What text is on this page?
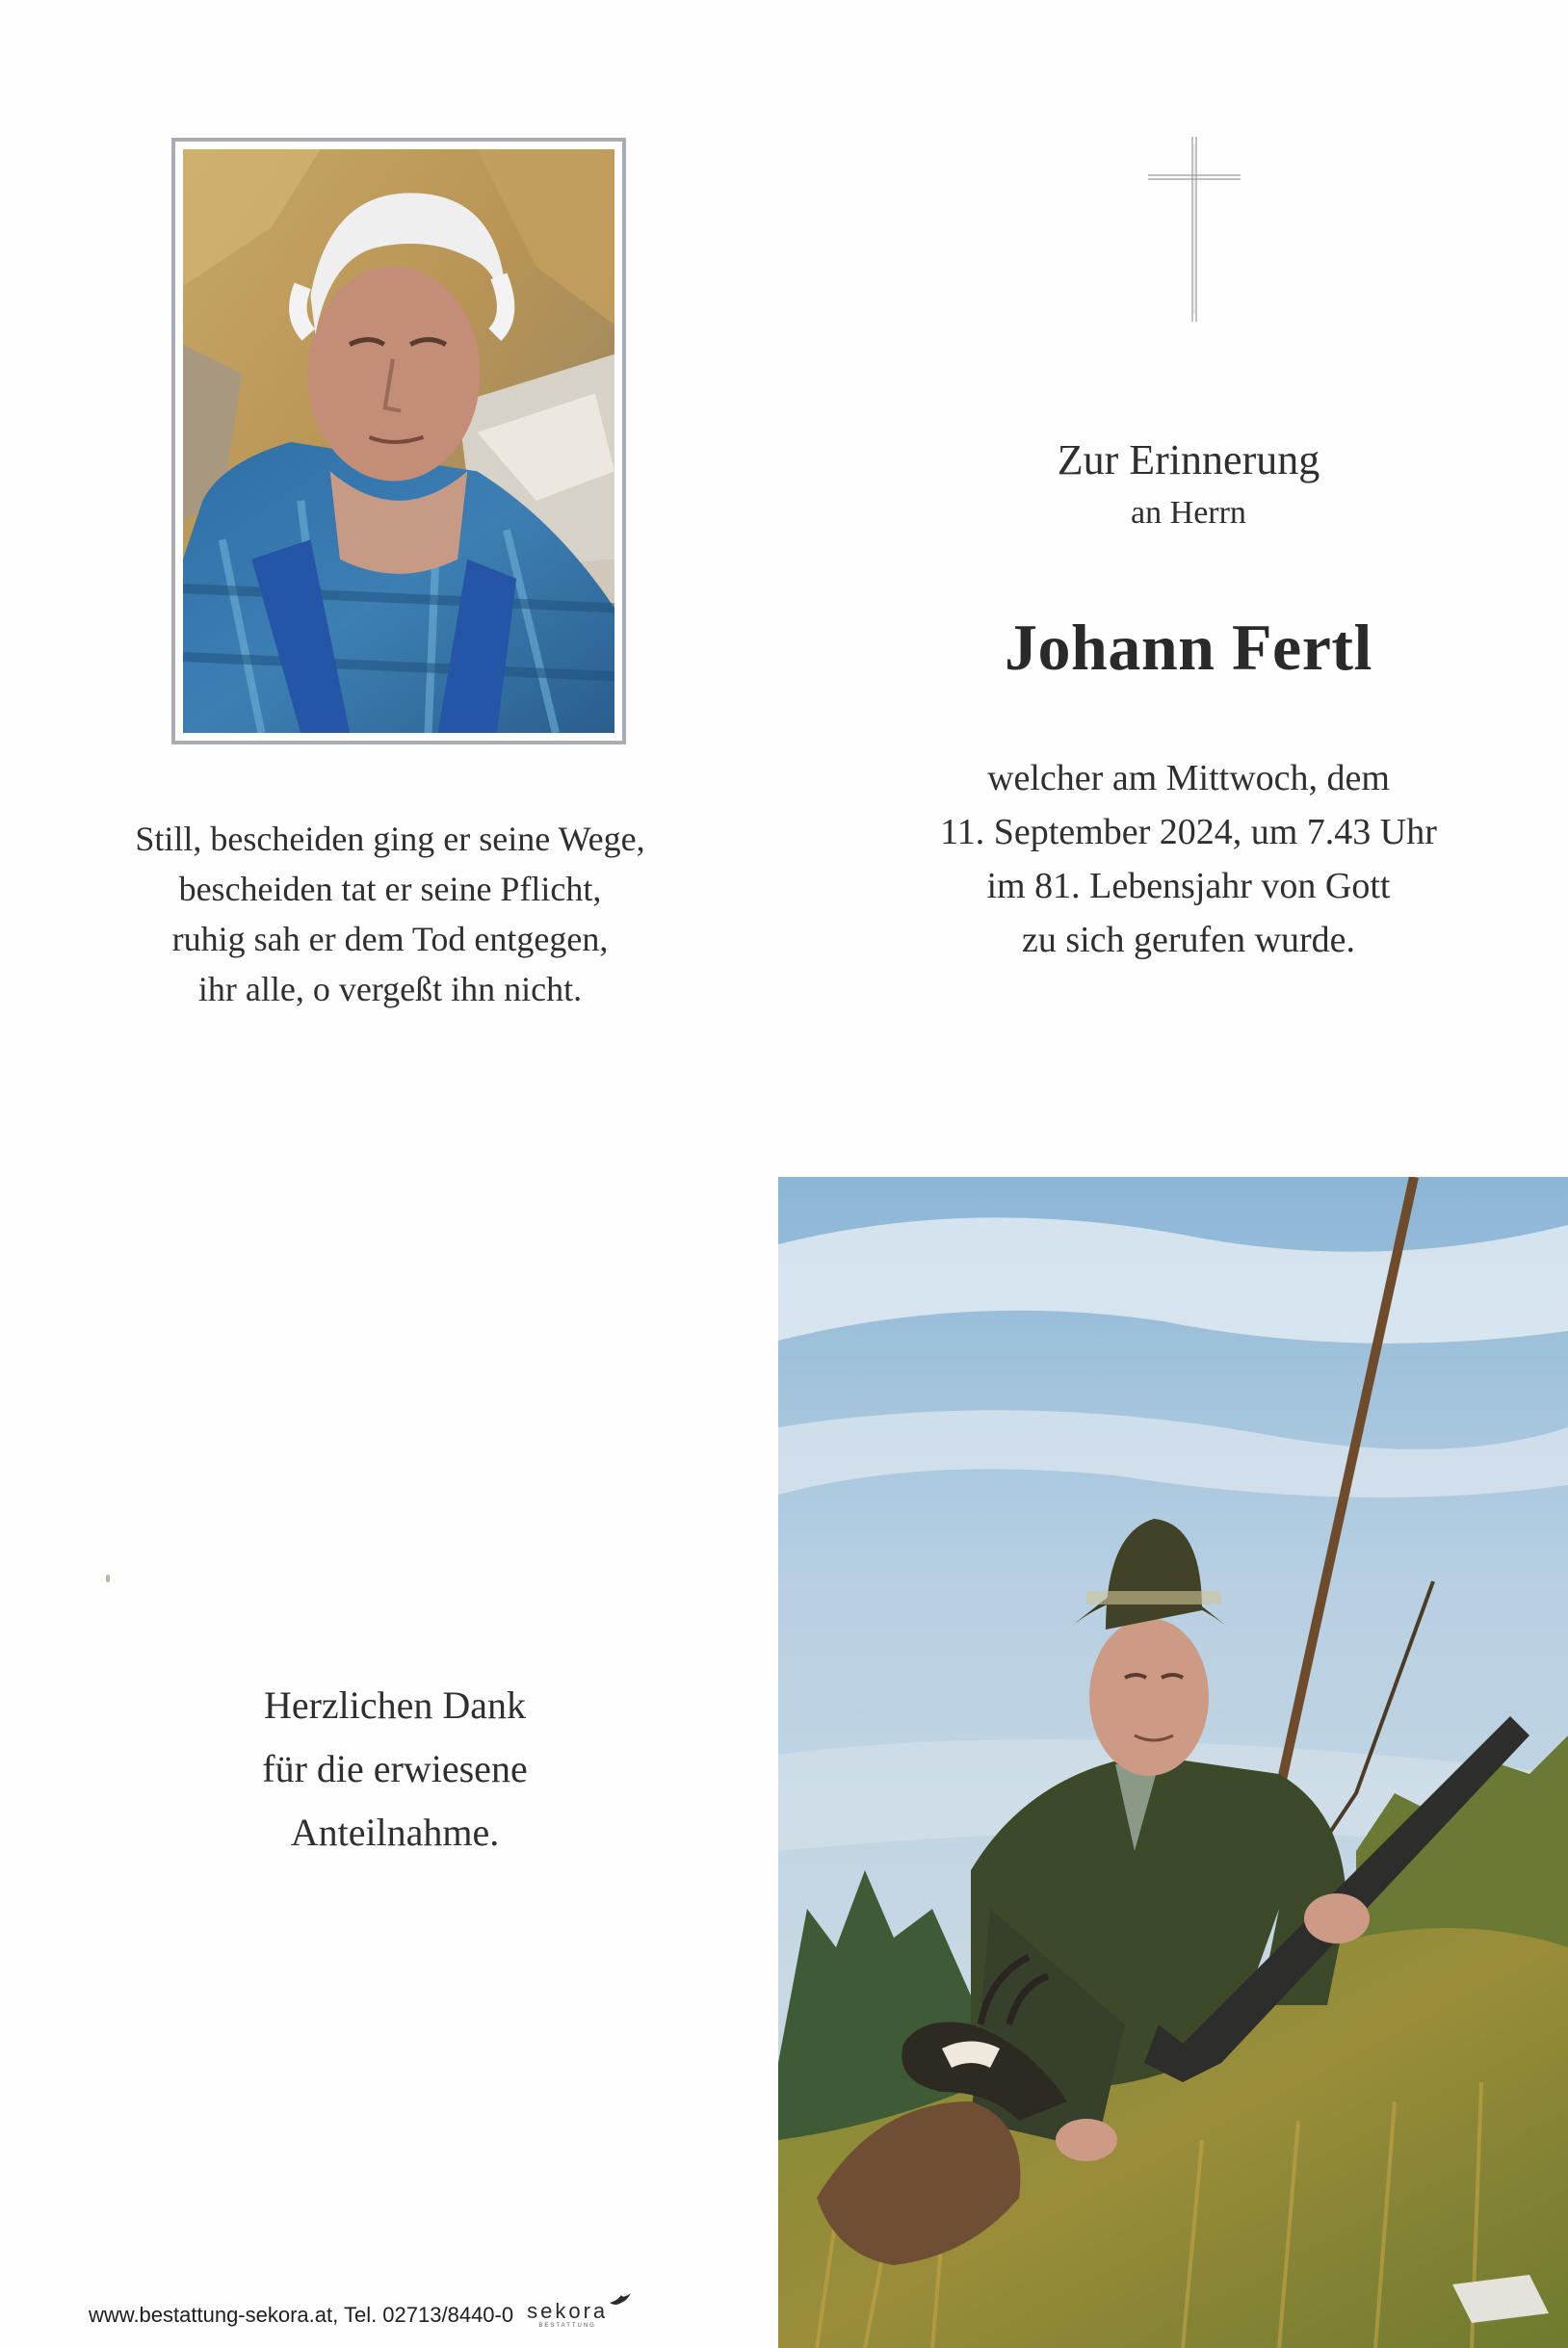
Still, bescheiden ging er seine Wege,
bescheiden tat er seine Pflicht,
ruhig sah er dem Tod entgegen,
ihr alle, o vergeßt ihn nicht.
Zur Erinnerung
an Herrn
Johann Fertl
welcher am Mittwoch, dem
11. September 2024, um 7.43 Uhr
im 81. Lebensjahr von Gott
zu sich gerufen wurde.
Herzlichen Dank
für die erwiesene
Anteilnahme.
www.bestattung-sekora.at, Tel. 02713/8440-0 sekora
BESTATTUNG
